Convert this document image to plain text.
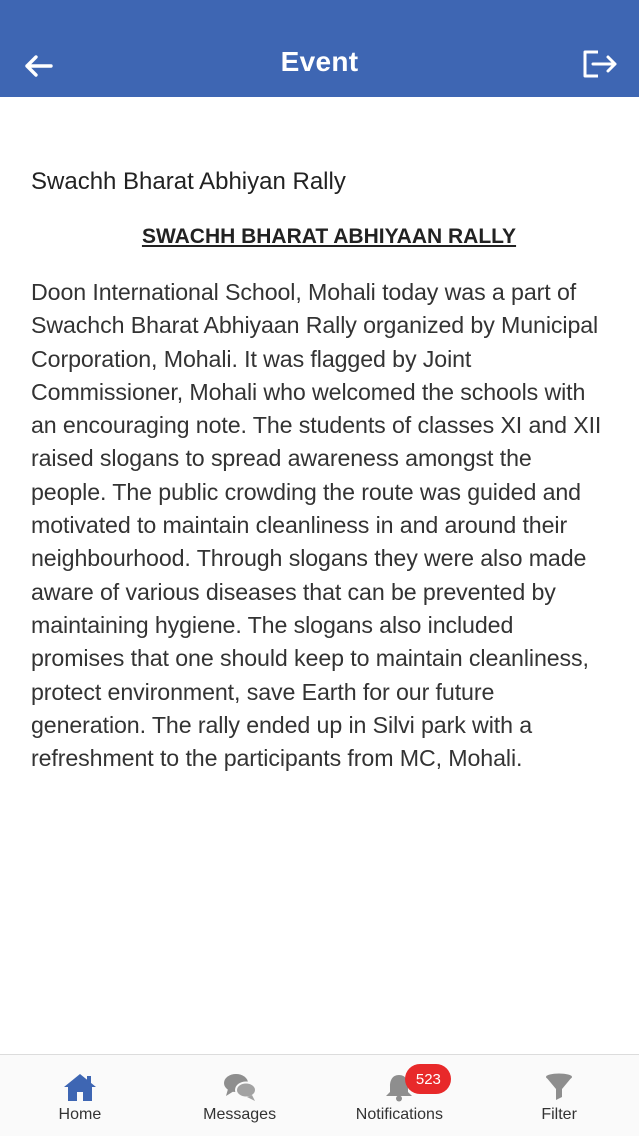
Event
Swachh Bharat Abhiyan Rally
SWACHH BHARAT ABHIYAAN RALLY
Doon International School, Mohali today was a part of Swachch Bharat Abhiyaan Rally organized by Municipal Corporation, Mohali. It was flagged by Joint Commissioner, Mohali who welcomed the schools with an encouraging note. The students of classes XI and XII raised slogans to spread awareness amongst the people. The public crowding the route was guided and motivated to maintain cleanliness in and around their neighbourhood. Through slogans they were also made aware of various diseases that can be prevented by maintaining hygiene. The slogans also included promises that one should keep to maintain cleanliness, protect environment, save Earth for our future generation. The rally ended up in Silvi park with a refreshment to the participants from MC, Mohali.
Home	Messages
523
Notifications	Filter
